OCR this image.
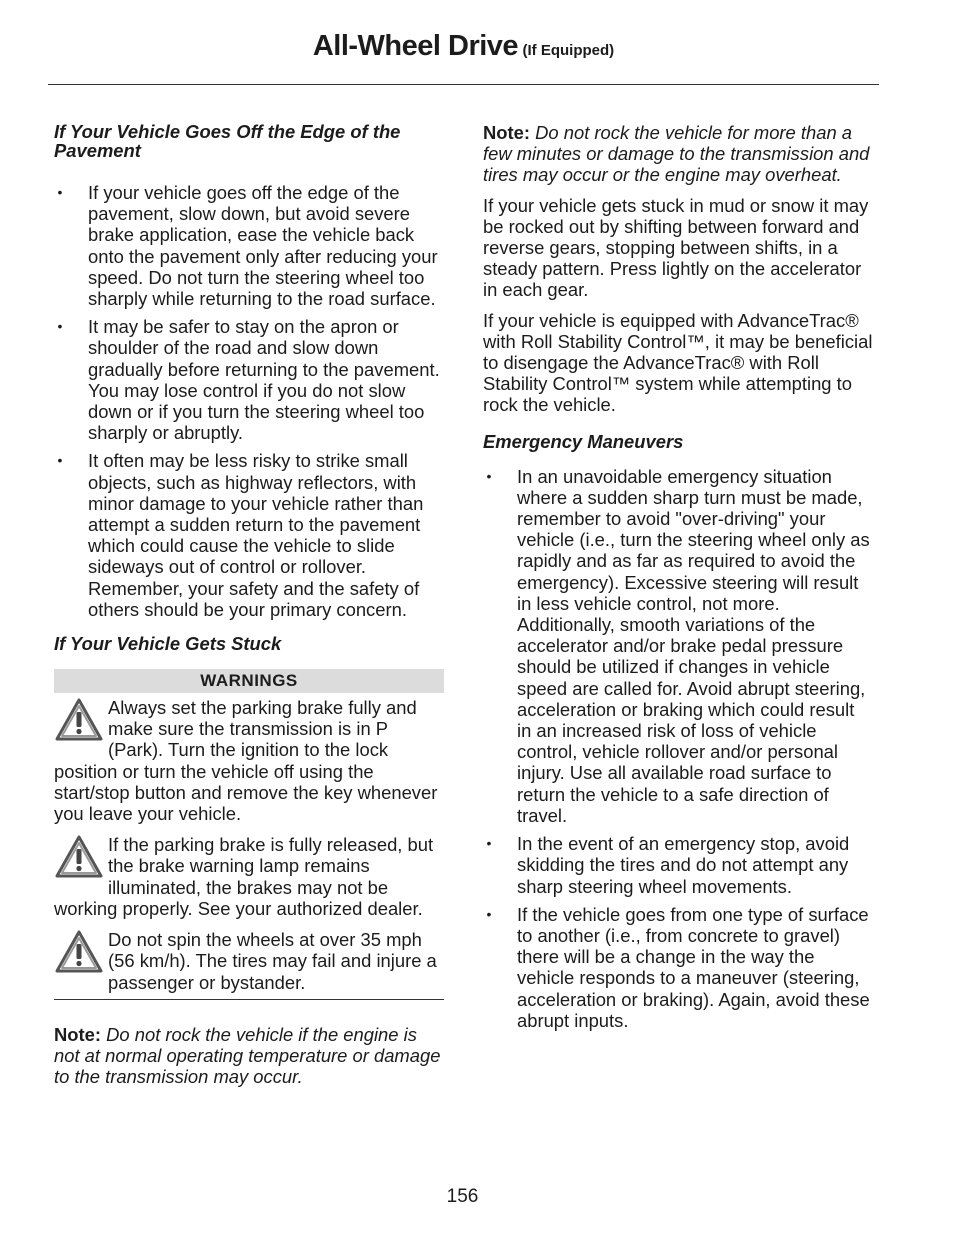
All-Wheel Drive (If Equipped)
If Your Vehicle Goes Off the Edge of the Pavement
• If your vehicle goes off the edge of the pavement, slow down, but avoid severe brake application, ease the vehicle back onto the pavement only after reducing your speed. Do not turn the steering wheel too sharply while returning to the road surface.
• It may be safer to stay on the apron or shoulder of the road and slow down gradually before returning to the pavement. You may lose control if you do not slow down or if you turn the steering wheel too sharply or abruptly.
• It often may be less risky to strike small objects, such as highway reflectors, with minor damage to your vehicle rather than attempt a sudden return to the pavement which could cause the vehicle to slide sideways out of control or rollover. Remember, your safety and the safety of others should be your primary concern.
If Your Vehicle Gets Stuck
WARNINGS
Always set the parking brake fully and make sure the transmission is in P (Park). Turn the ignition to the lock position or turn the vehicle off using the start/stop button and remove the key whenever you leave your vehicle.
If the parking brake is fully released, but the brake warning lamp remains illuminated, the brakes may not be working properly. See your authorized dealer.
Do not spin the wheels at over 35 mph (56 km/h). The tires may fail and injure a passenger or bystander.

Note: Do not rock the vehicle if the engine is not at normal operating temperature or damage to the transmission may occur.

Note: Do not rock the vehicle for more than a few minutes or damage to the transmission and tires may occur or the engine may overheat.

If your vehicle gets stuck in mud or snow it may be rocked out by shifting between forward and reverse gears, stopping between shifts, in a steady pattern. Press lightly on the accelerator in each gear.

If your vehicle is equipped with AdvanceTrac® with Roll Stability Control™, it may be beneficial to disengage the AdvanceTrac® with Roll Stability Control™ system while attempting to rock the vehicle.

Emergency Maneuvers
• In an unavoidable emergency situation where a sudden sharp turn must be made, remember to avoid "over-driving" your vehicle (i.e., turn the steering wheel only as rapidly and as far as required to avoid the emergency). Excessive steering will result in less vehicle control, not more. Additionally, smooth variations of the accelerator and/or brake pedal pressure should be utilized if changes in vehicle speed are called for. Avoid abrupt steering, acceleration or braking which could result in an increased risk of loss of vehicle control, vehicle rollover and/or personal injury. Use all available road surface to return the vehicle to a safe direction of travel.
• In the event of an emergency stop, avoid skidding the tires and do not attempt any sharp steering wheel movements.
• If the vehicle goes from one type of surface to another (i.e., from concrete to gravel) there will be a change in the way the vehicle responds to a maneuver (steering, acceleration or braking). Again, avoid these abrupt inputs.
156
